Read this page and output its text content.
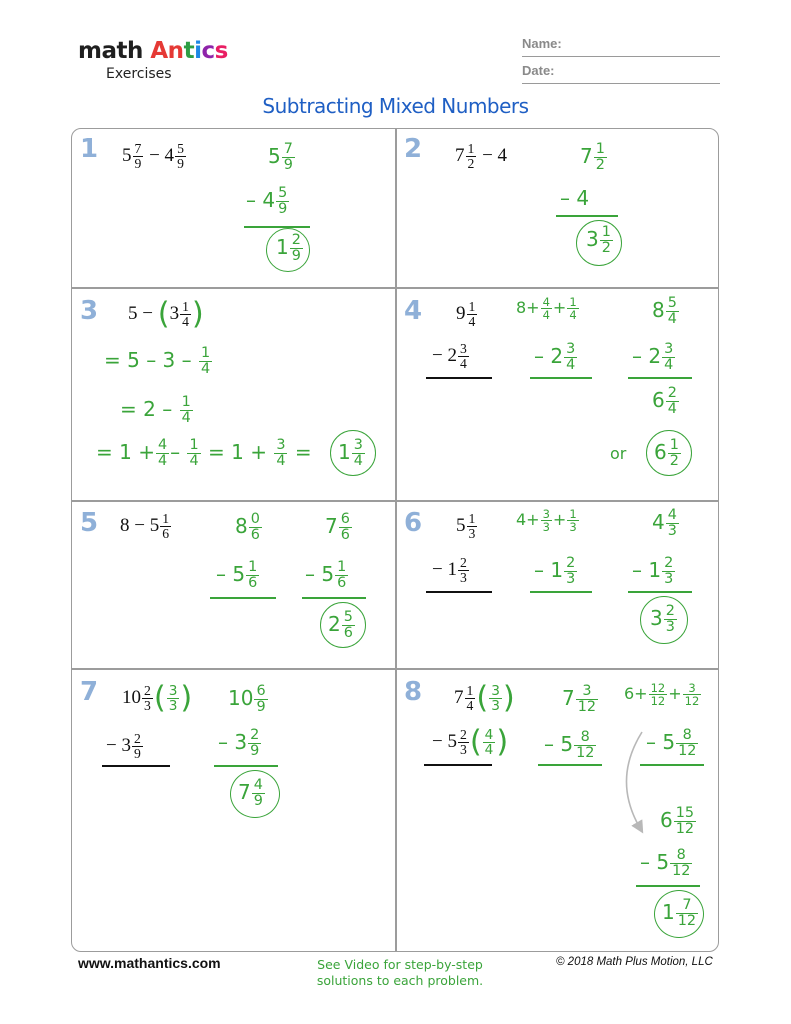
math Antics
Exercises
Name:
Date:
Subtracting Mixed Numbers
1	2
3	4
5	6
7	8
$5 \frac{7}{9} - 4 \frac{5}{9}$	$5 \frac{7}{9}$
– $4 \frac{5}{9}$
$1 \frac{2}{9}$
$7 \frac{1}{2} - 4$	$7 \frac{1}{2}$
– 4
$3 \frac{1}{2}$
$5 - (3 \frac{1}{4}$ )
= $5 - 3 - \frac{1}{4}$
= $2 - \frac{1}{4}$
= $1 + \frac{4}{4} - \frac{1}{4} = 1 + \frac{3}{4} = 1 \frac{3}{4}$
$9 \frac{1}{4}$
− $2 \frac{3}{4}$
$8+ \frac{4}{4} + \frac{1}{4}$
– $2 \frac{3}{4}$
$8 \frac{5}{4}$
– $2 \frac{3}{4}$
$6 \frac{2}{4}$
or $6 \frac{1}{2}$
$8 - 5 \frac{1}{6}$	$8 \frac{0}{6}$
– $5 \frac{1}{6}$
$7 \frac{6}{6}$
– $5 \frac{1}{6}$
$2 \frac{5}{6}$
$5 \frac{1}{3}$
− $1 \frac{2}{3}$
$4+ \frac{3}{3} + \frac{1}{3}$
– $1 \frac{2}{3}$
$4 \frac{4}{3}$
– $1 \frac{2}{3}$
$3 \frac{2}{3}$
$10 \frac{2}{3}$ ( $\frac{3}{3}$ )
− $3 \frac{2}{9}$
$10 \frac{6}{9}$
– $3 \frac{2}{9}$
$7 \frac{4}{9}$
$7 \frac{1}{4}$ ( $\frac{3}{3}$ )
− $5 \frac{2}{3}$ ( $\frac{4}{4}$ )
$7 \frac{3}{12}$
– $5 \frac{8}{12}$
$6+ \frac{12}{12} + \frac{3}{12}$
– $5 \frac{8}{12}$
$6 \frac{15}{12}$
– $5 \frac{8}{12}$
$1 \frac{7}{12}$
www.mathantics.com	See Video for step-by-step solutions to each problem.
© 2018 Math Plus Motion, LLC
